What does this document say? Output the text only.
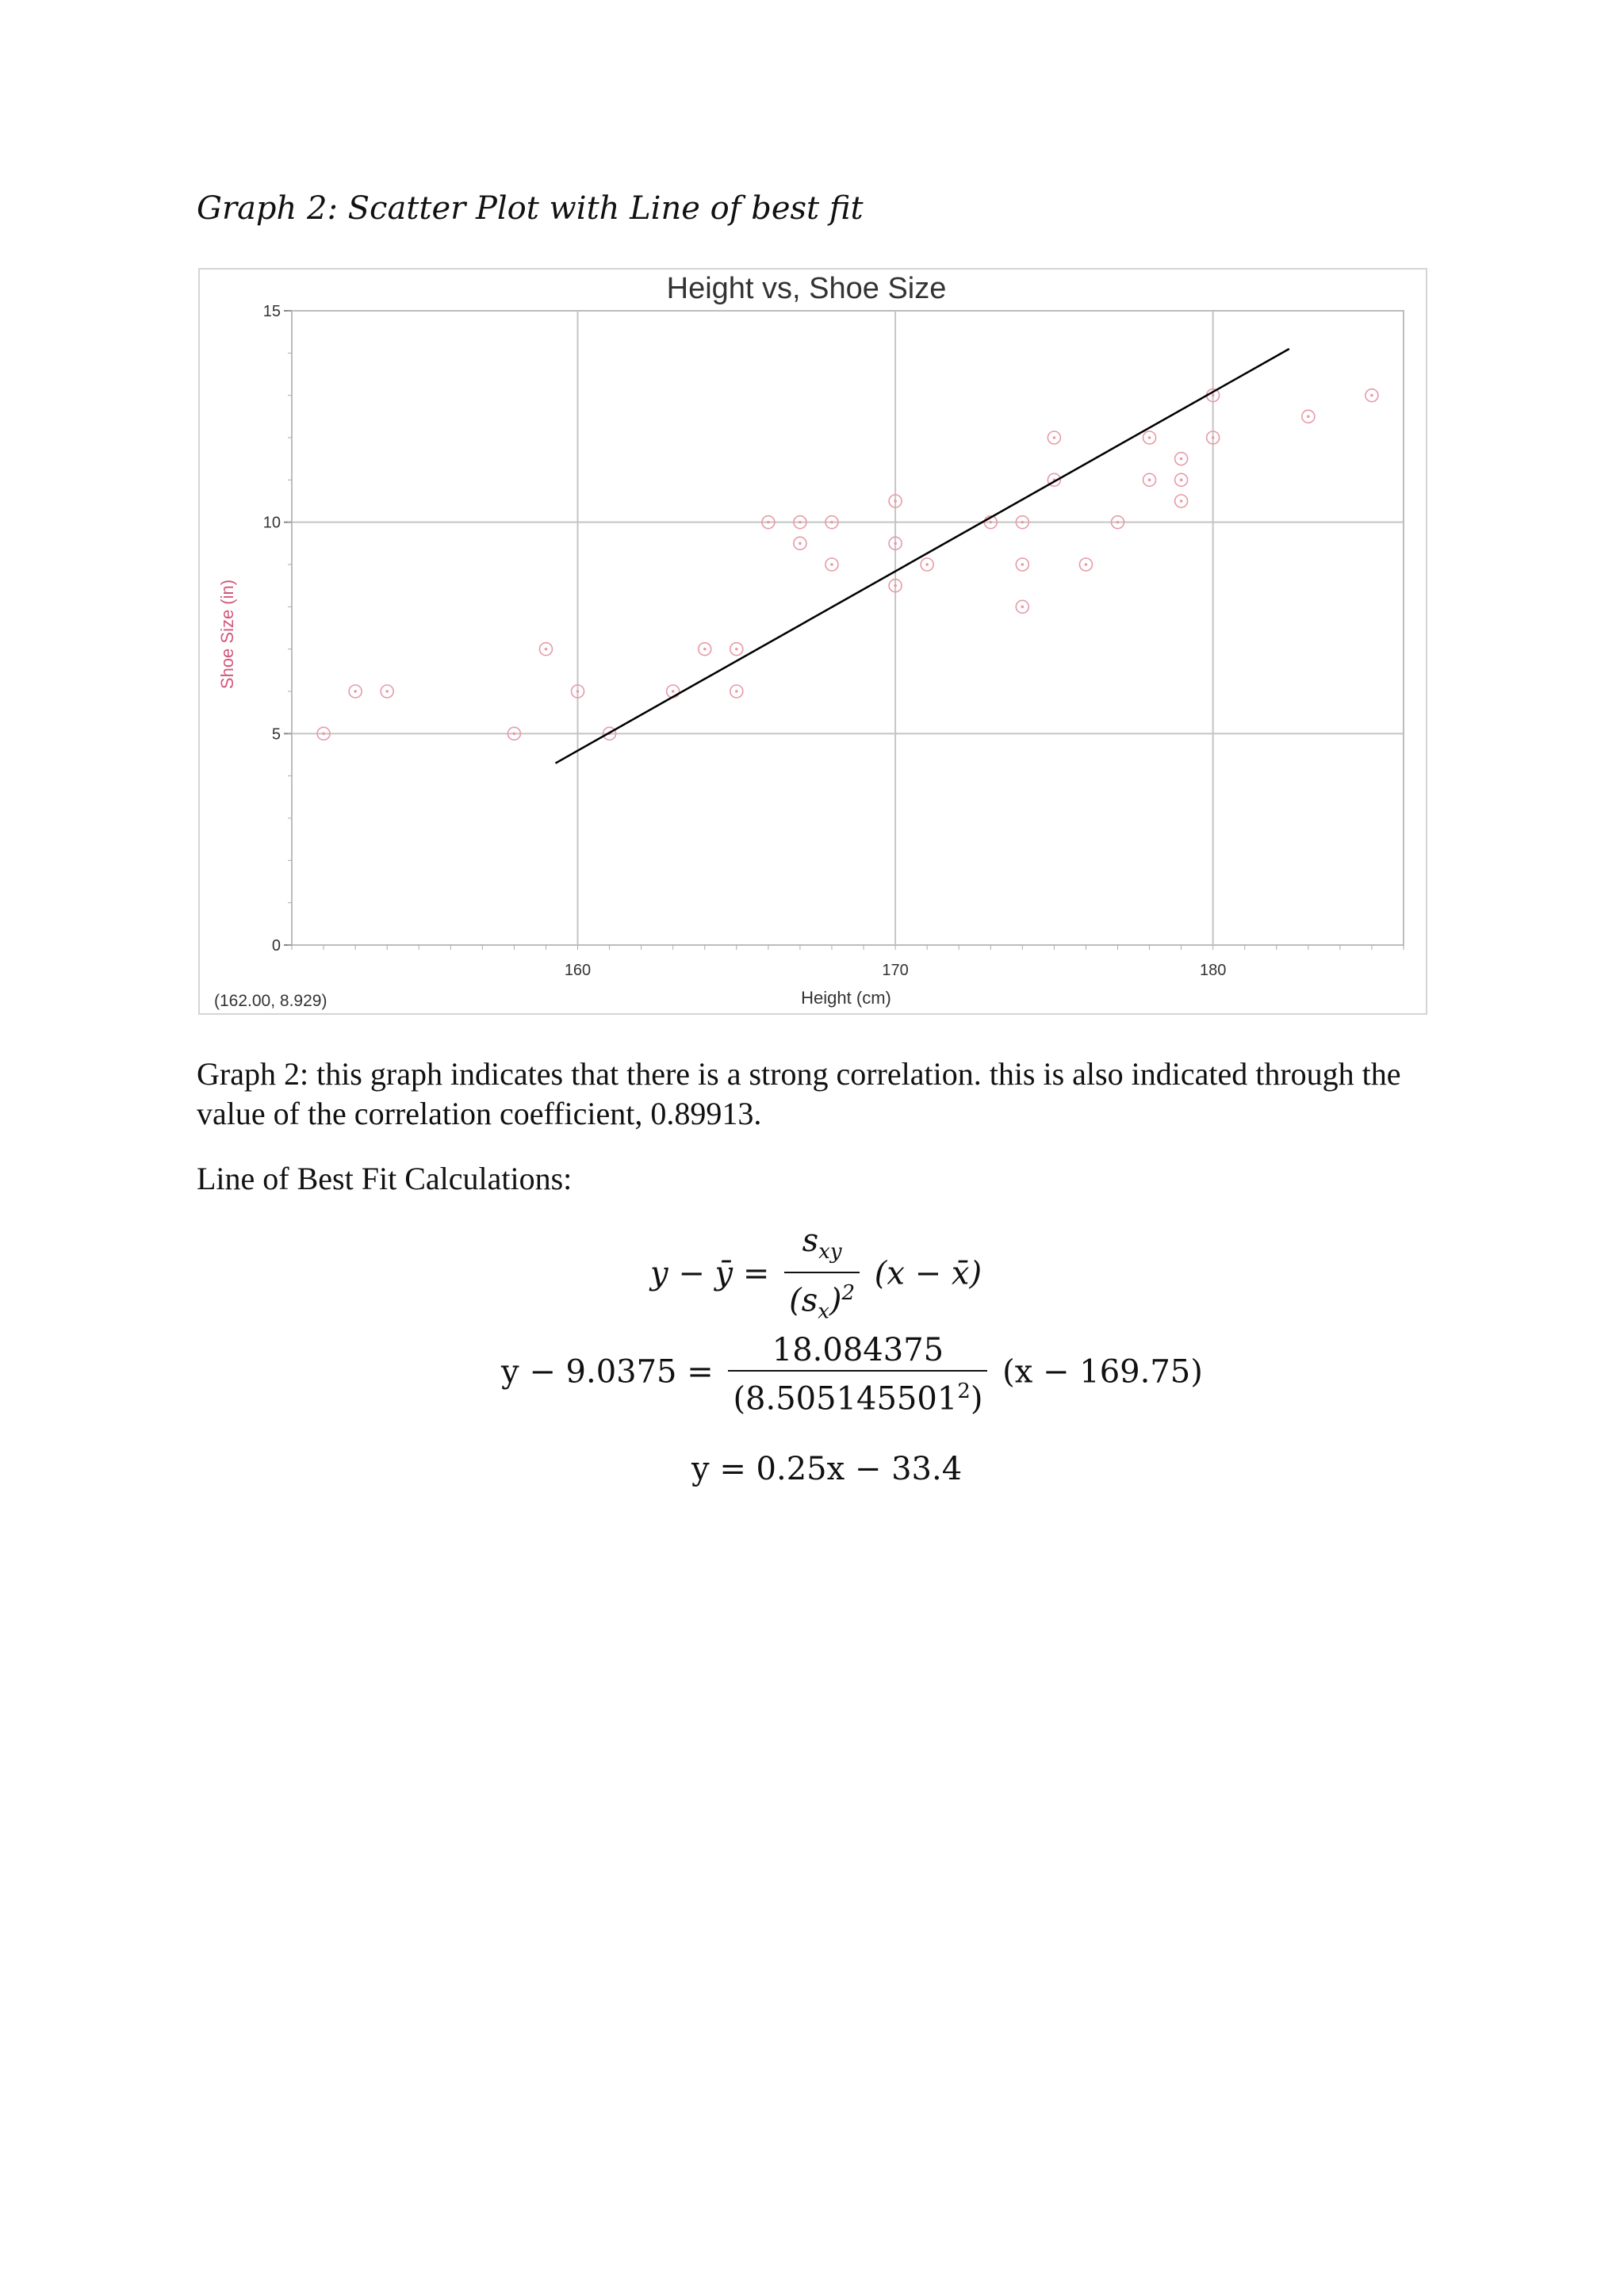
Graph 2: Scatter Plot with Line of best fit
Height vs, Shoe Size
160	170	180
0
5
10
15
Shoe Size (in)
Height (cm)
(162.00, 8.929)
Graph 2: this graph indicates that there is a strong correlation. this is also indicated through the value of the correlation coefficient, 0.89913.
Line of Best Fit Calculations:
y − ȳ = $\frac{s_{xy}}{(s_x)^2} (x$ − x̄)
$y - 9.0375 = \frac{18.084375}{(8.505145501^2)} (x - 169.75)$
y = 0.25x − 33.4
